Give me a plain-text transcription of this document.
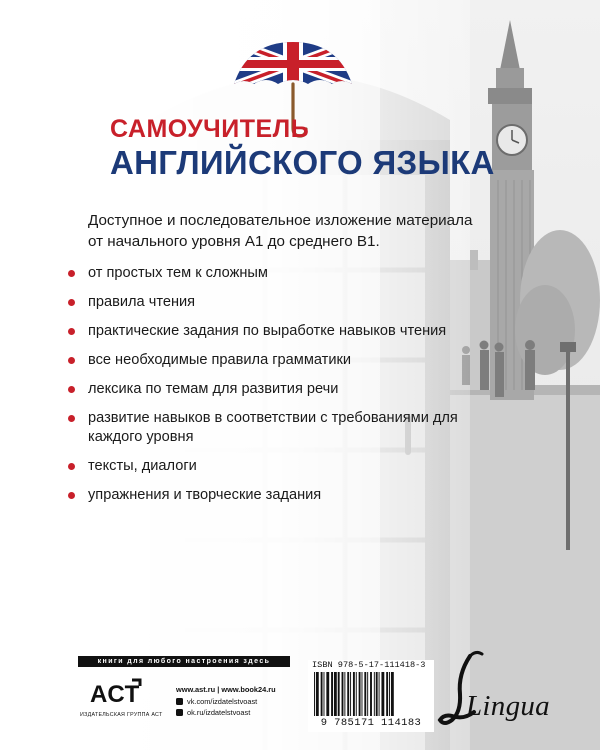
САМОУЧИТЕЛЬ
АНГЛИЙСКОГО ЯЗЫКА
Доступное и последовательное изложение материала
от начального уровня A1 до среднего B1.
от простых тем к сложным
правила чтения
практические задания по выработке навыков чтения
все необходимые правила грамматики
лексика по темам для развития речи
развитие навыков в соответствии с требованиями для каждого уровня
тексты, диалоги
упражнения и творческие задания
книги для любого настроения здесь
ACT
ИЗДАТЕЛЬСКАЯ ГРУППА АСТ
www.ast.ru | www.book24.ru
vk.com/izdatelstvoast
ok.ru/izdatelstvoast
ISBN 978-5-17-111418-3
9 785171 114183
Lingua
